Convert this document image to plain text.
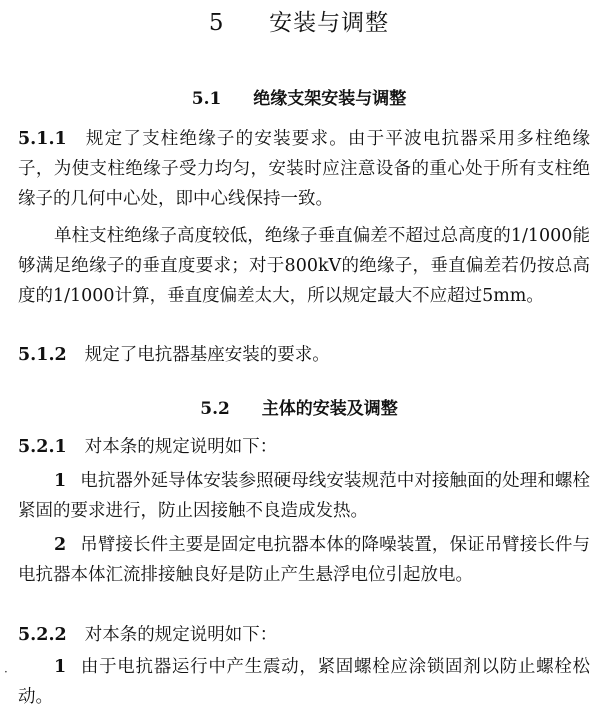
5 安装与调整
5.1 绝缘支架安装与调整
5.1.1 规定了支柱绝缘子的安装要求。由于平波电抗器采用多柱绝缘子，为使支柱绝缘子受力均匀，安装时应注意设备的重心处于所有支柱绝缘子的几何中心处，即中心线保持一致。
单柱支柱绝缘子高度较低，绝缘子垂直偏差不超过总高度的1/1000能够满足绝缘子的垂直度要求；对于800kV的绝缘子，垂直偏差若仍按总高度的1/1000计算，垂直度偏差太大，所以规定最大不应超过5mm。
5.1.2 规定了电抗器基座安装的要求。
5.2 主体的安装及调整
5.2.1 对本条的规定说明如下：
1 电抗器外延导体安装参照硬母线安装规范中对接触面的处理和螺栓紧固的要求进行，防止因接触不良造成发热。
2 吊臂接长件主要是固定电抗器本体的降噪装置，保证吊臂接长件与电抗器本体汇流排接触良好是防止产生悬浮电位引起放电。
5.2.2 对本条的规定说明如下：
1 由于电抗器运行中产生震动，紧固螺栓应涂锁固剂以防止螺栓松动。
·
